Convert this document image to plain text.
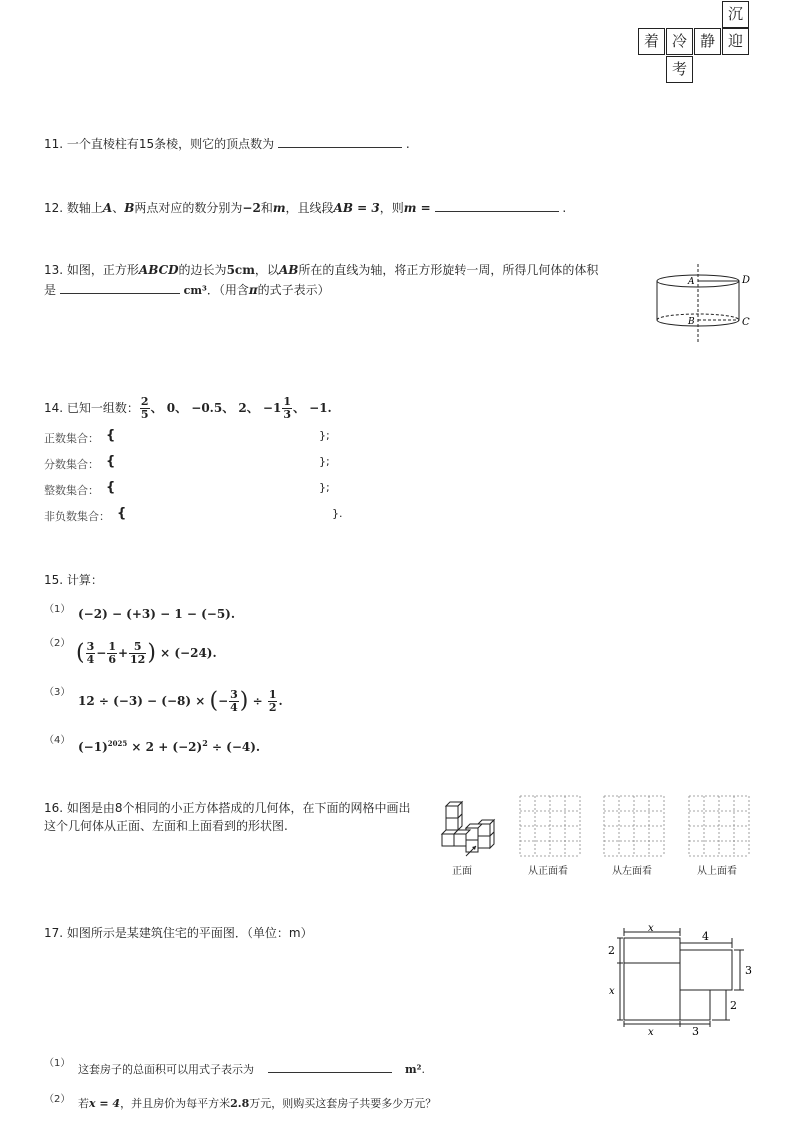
沉
着 冷 静 迎
考
11. 一个直棱柱有15条棱，则它的顶点数为	.
12. 数轴上A、B两点对应的数分别为−2和m，且线段AB = 3，则m =	.
13. 如图，正方形ABCD的边长为5cm，以AB所在的直线为轴，将正方形旋转一周，所得几何体的体积
是	cm³．（用含π的式子表示）
A	D
B	C
14. 已知一组数： $\frac{2}{5}$ 、 0、 −0.5、 2、 $-1 \frac{1}{3}$ 、 −1.
正数集合： {	};
分数集合： {	};
整数集合： {	};
非负数集合： {	}.
15. 计算：
（1） (−2) − (+3) − 1 − (−5).
（2） ( $\frac{3}{4} - \frac{1}{6} + \frac{5}{12}$ ) × (−24).
（3）
12 ÷ (−3) − (−8) × (− $\frac{3}{4}$ ) ÷ $\frac{1}{2}$ .
（4） $(-1)^{2025} \times 2 + (-2)^2 \div (-4)$.
16. 如图是由8个相同的小正方体搭成的几何体，在下面的网格中画出
这个几何体从正面、左面和上面看到的形状图.
正面	从正面看	从左面看	从上面看
17. 如图所示是某建筑住宅的平面图．（单位：m）	x
4
2
x
3
2
x	3
（1） 这套房子的总面积可以用式子表示为	m².
（2） 若x = 4，并且房价为每平方米2.8万元，则购买这套房子共要多少万元？
